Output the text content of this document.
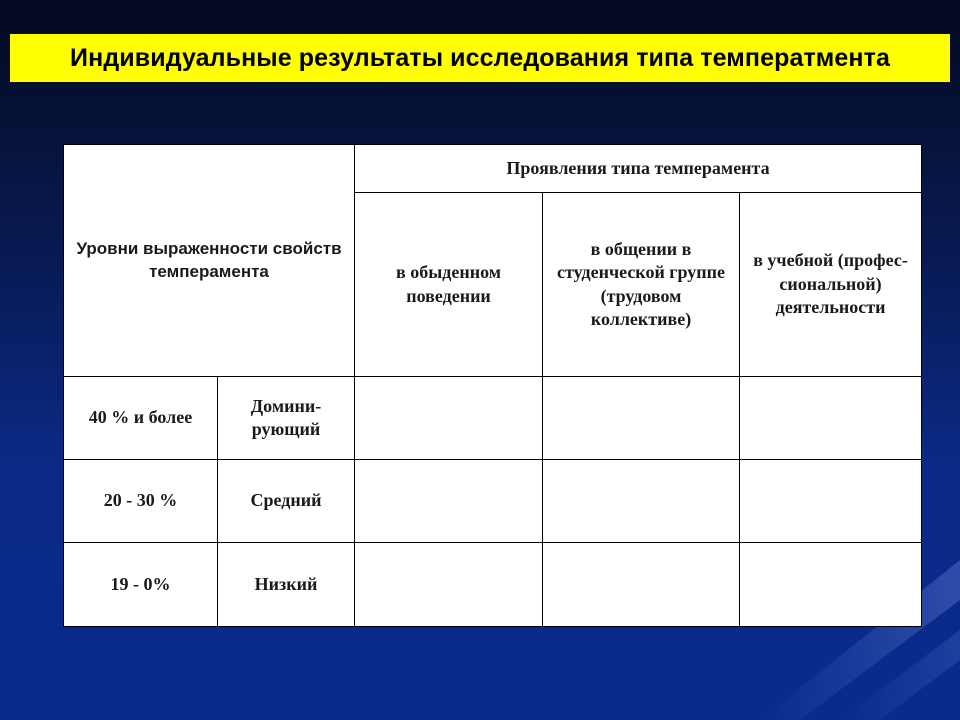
Индивидуальные результаты исследования типа температмента
Уровни выраженности свойств темперамента		Проявления типа темперамента		
		в обыденном поведении	в общении в студенческой группе (трудовом коллективе)	в учебной (профес-сиональной) деятельности
40 % и более	Домини-рующий			
20 - 30 %	Средний			
19 - 0%	Низкий			
